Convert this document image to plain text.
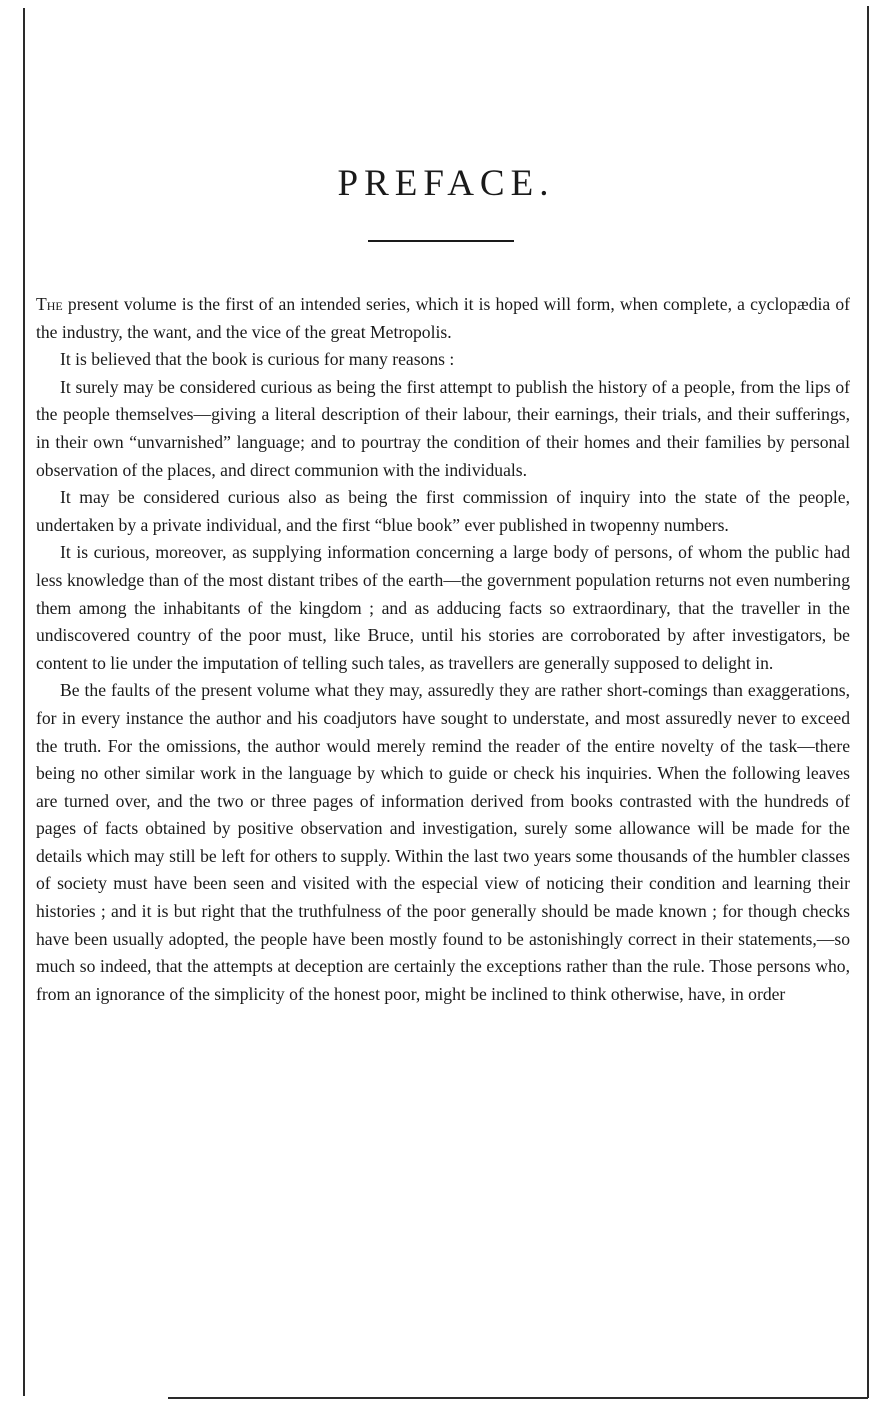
PREFACE.

The present volume is the first of an intended series, which it is hoped will form, when complete, a cyclopædia of the industry, the want, and the vice of the great Metropolis.

It is believed that the book is curious for many reasons :

It surely may be considered curious as being the first attempt to publish the history of a people, from the lips of the people themselves—giving a literal description of their labour, their earnings, their trials, and their sufferings, in their own “unvarnished” language; and to pourtray the condition of their homes and their families by personal observation of the places, and direct communion with the individuals.

It may be considered curious also as being the first commission of inquiry into the state of the people, undertaken by a private individual, and the first “blue book” ever published in twopenny numbers.

It is curious, moreover, as supplying information concerning a large body of persons, of whom the public had less knowledge than of the most distant tribes of the earth—the government population returns not even numbering them among the inhabitants of the kingdom ; and as adducing facts so extraordinary, that the traveller in the undiscovered country of the poor must, like Bruce, until his stories are corroborated by after investigators, be content to lie under the imputation of telling such tales, as travellers are generally supposed to delight in.

Be the faults of the present volume what they may, assuredly they are rather short-comings than exaggerations, for in every instance the author and his coadjutors have sought to understate, and most assuredly never to exceed the truth. For the omissions, the author would merely remind the reader of the entire novelty of the task—there being no other similar work in the language by which to guide or check his inquiries. When the following leaves are turned over, and the two or three pages of information derived from books contrasted with the hundreds of pages of facts obtained by positive observation and investigation, surely some allowance will be made for the details which may still be left for others to supply. Within the last two years some thousands of the humbler classes of society must have been seen and visited with the especial view of noticing their condition and learning their histories ; and it is but right that the truthfulness of the poor generally should be made known ; for though checks have been usually adopted, the people have been mostly found to be astonishingly correct in their statements,—so much so indeed, that the attempts at deception are certainly the exceptions rather than the rule. Those persons who, from an ignorance of the simplicity of the honest poor, might be inclined to think otherwise, have, in order
